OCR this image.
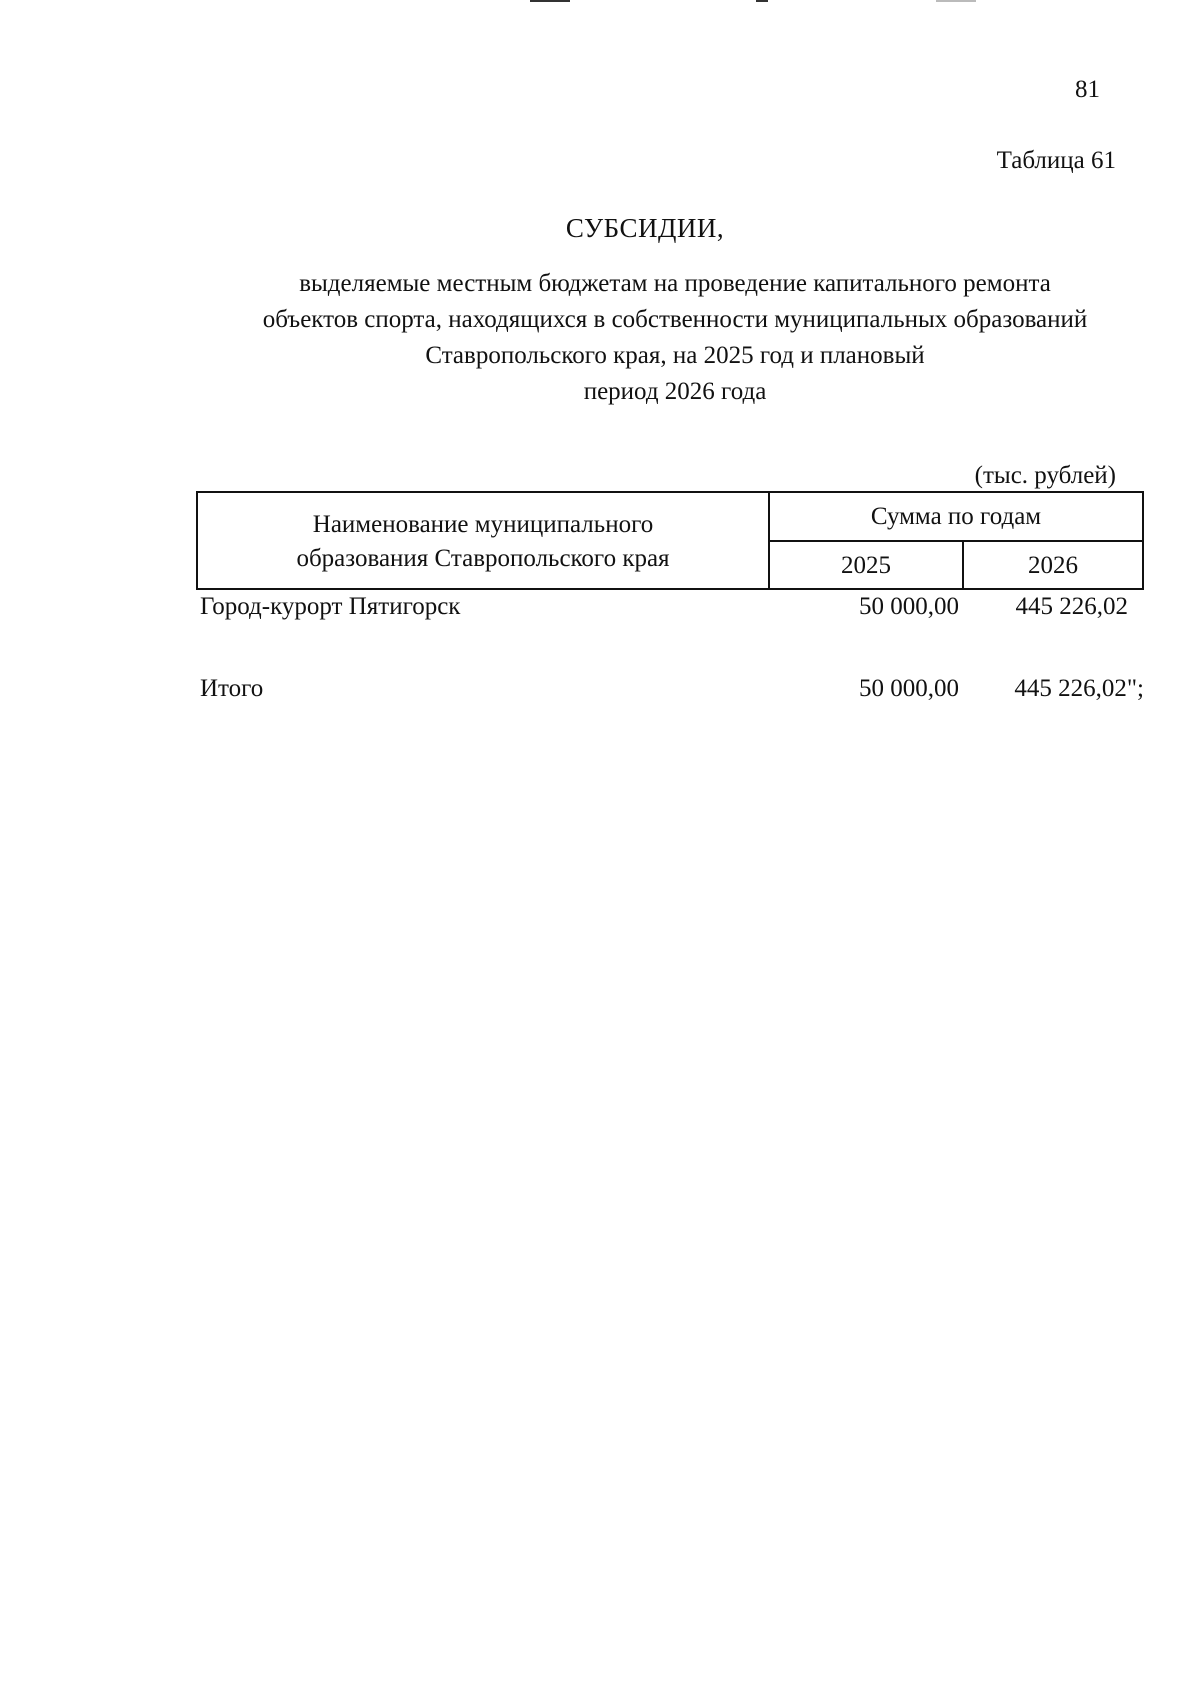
81
Таблица 61
СУБСИДИИ,
выделяемые местным бюджетам на проведение капитального ремонта
объектов спорта, находящихся в собственности муниципальных образований
Ставропольского края, на 2025 год и плановый
период 2026 года
(тыс. рублей)
Наименование муниципального
образования Ставропольского края
Сумма по годам
2025	2026
Город-курорт Пятигорск	50 000,00 445 226,02
Итого	50 000,00 445 226,02";
